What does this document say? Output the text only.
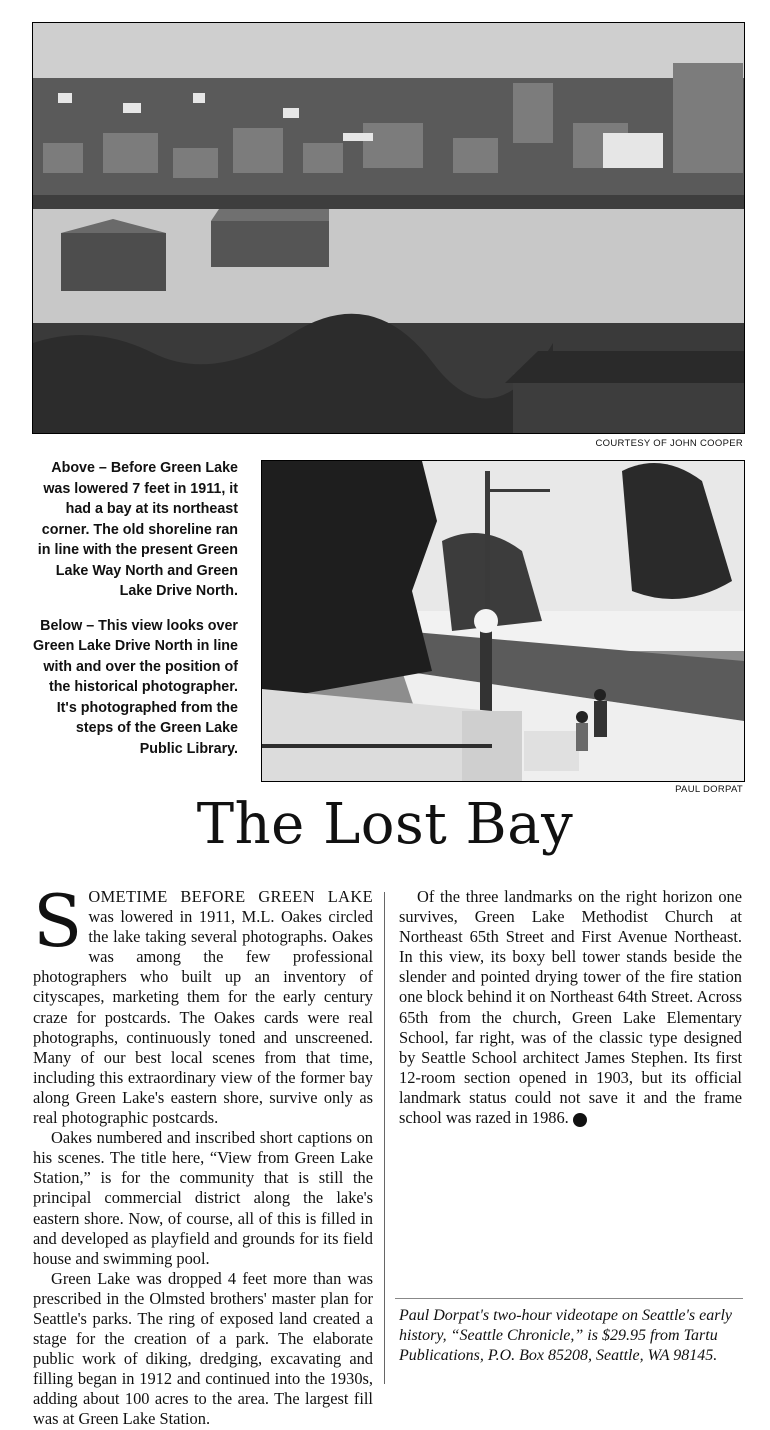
COURTESY OF JOHN COOPER

Above – Before Green Lake was lowered 7 feet in 1911, it had a bay at its northeast corner. The old shoreline ran in line with the present Green Lake Way North and Green Lake Drive North.

Below – This view looks over Green Lake Drive North in line with and over the position of the historical photographer. It's photographed from the steps of the Green Lake Public Library.

PAUL DORPAT
The Lost Bay

SOMETIME BEFORE GREEN LAKE was lowered in 1911, M.L. Oakes circled the lake taking several photographs. Oakes was among the few professional photographers who built up an inventory of cityscapes, marketing them for the early century craze for postcards. The Oakes cards were real photographs, continuously toned and unscreened. Many of our best local scenes from that time, including this extraordinary view of the former bay along Green Lake's eastern shore, survive only as real photographic postcards.

Oakes numbered and inscribed short captions on his scenes. The title here, “View from Green Lake Station,” is for the community that is still the principal commercial district along the lake's eastern shore. Now, of course, all of this is filled in and developed as playfield and grounds for its field house and swimming pool.

Green Lake was dropped 4 feet more than was prescribed in the Olmsted brothers' master plan for Seattle's parks. The ring of exposed land created a stage for the creation of a park. The elaborate public work of diking, dredging, excavating and filling began in 1912 and continued into the 1930s, adding about 100 acres to the area. The largest fill was at Green Lake Station.

Of the three landmarks on the right horizon one survives, Green Lake Methodist Church at Northeast 65th Street and First Avenue Northeast. In this view, its boxy bell tower stands beside the slender and pointed drying tower of the fire station one block behind it on Northeast 64th Street. Across 65th from the church, Green Lake Elementary School, far right, was of the classic type designed by Seattle School architect James Stephen. Its first 12-room section opened in 1903, but its official landmark status could not save it and the frame school was razed in 1986. P

Paul Dorpat's two-hour videotape on Seattle's early history, “Seattle Chronicle,” is $29.95 from Tartu Publications, P.O. Box 85208, Seattle, WA 98145.
